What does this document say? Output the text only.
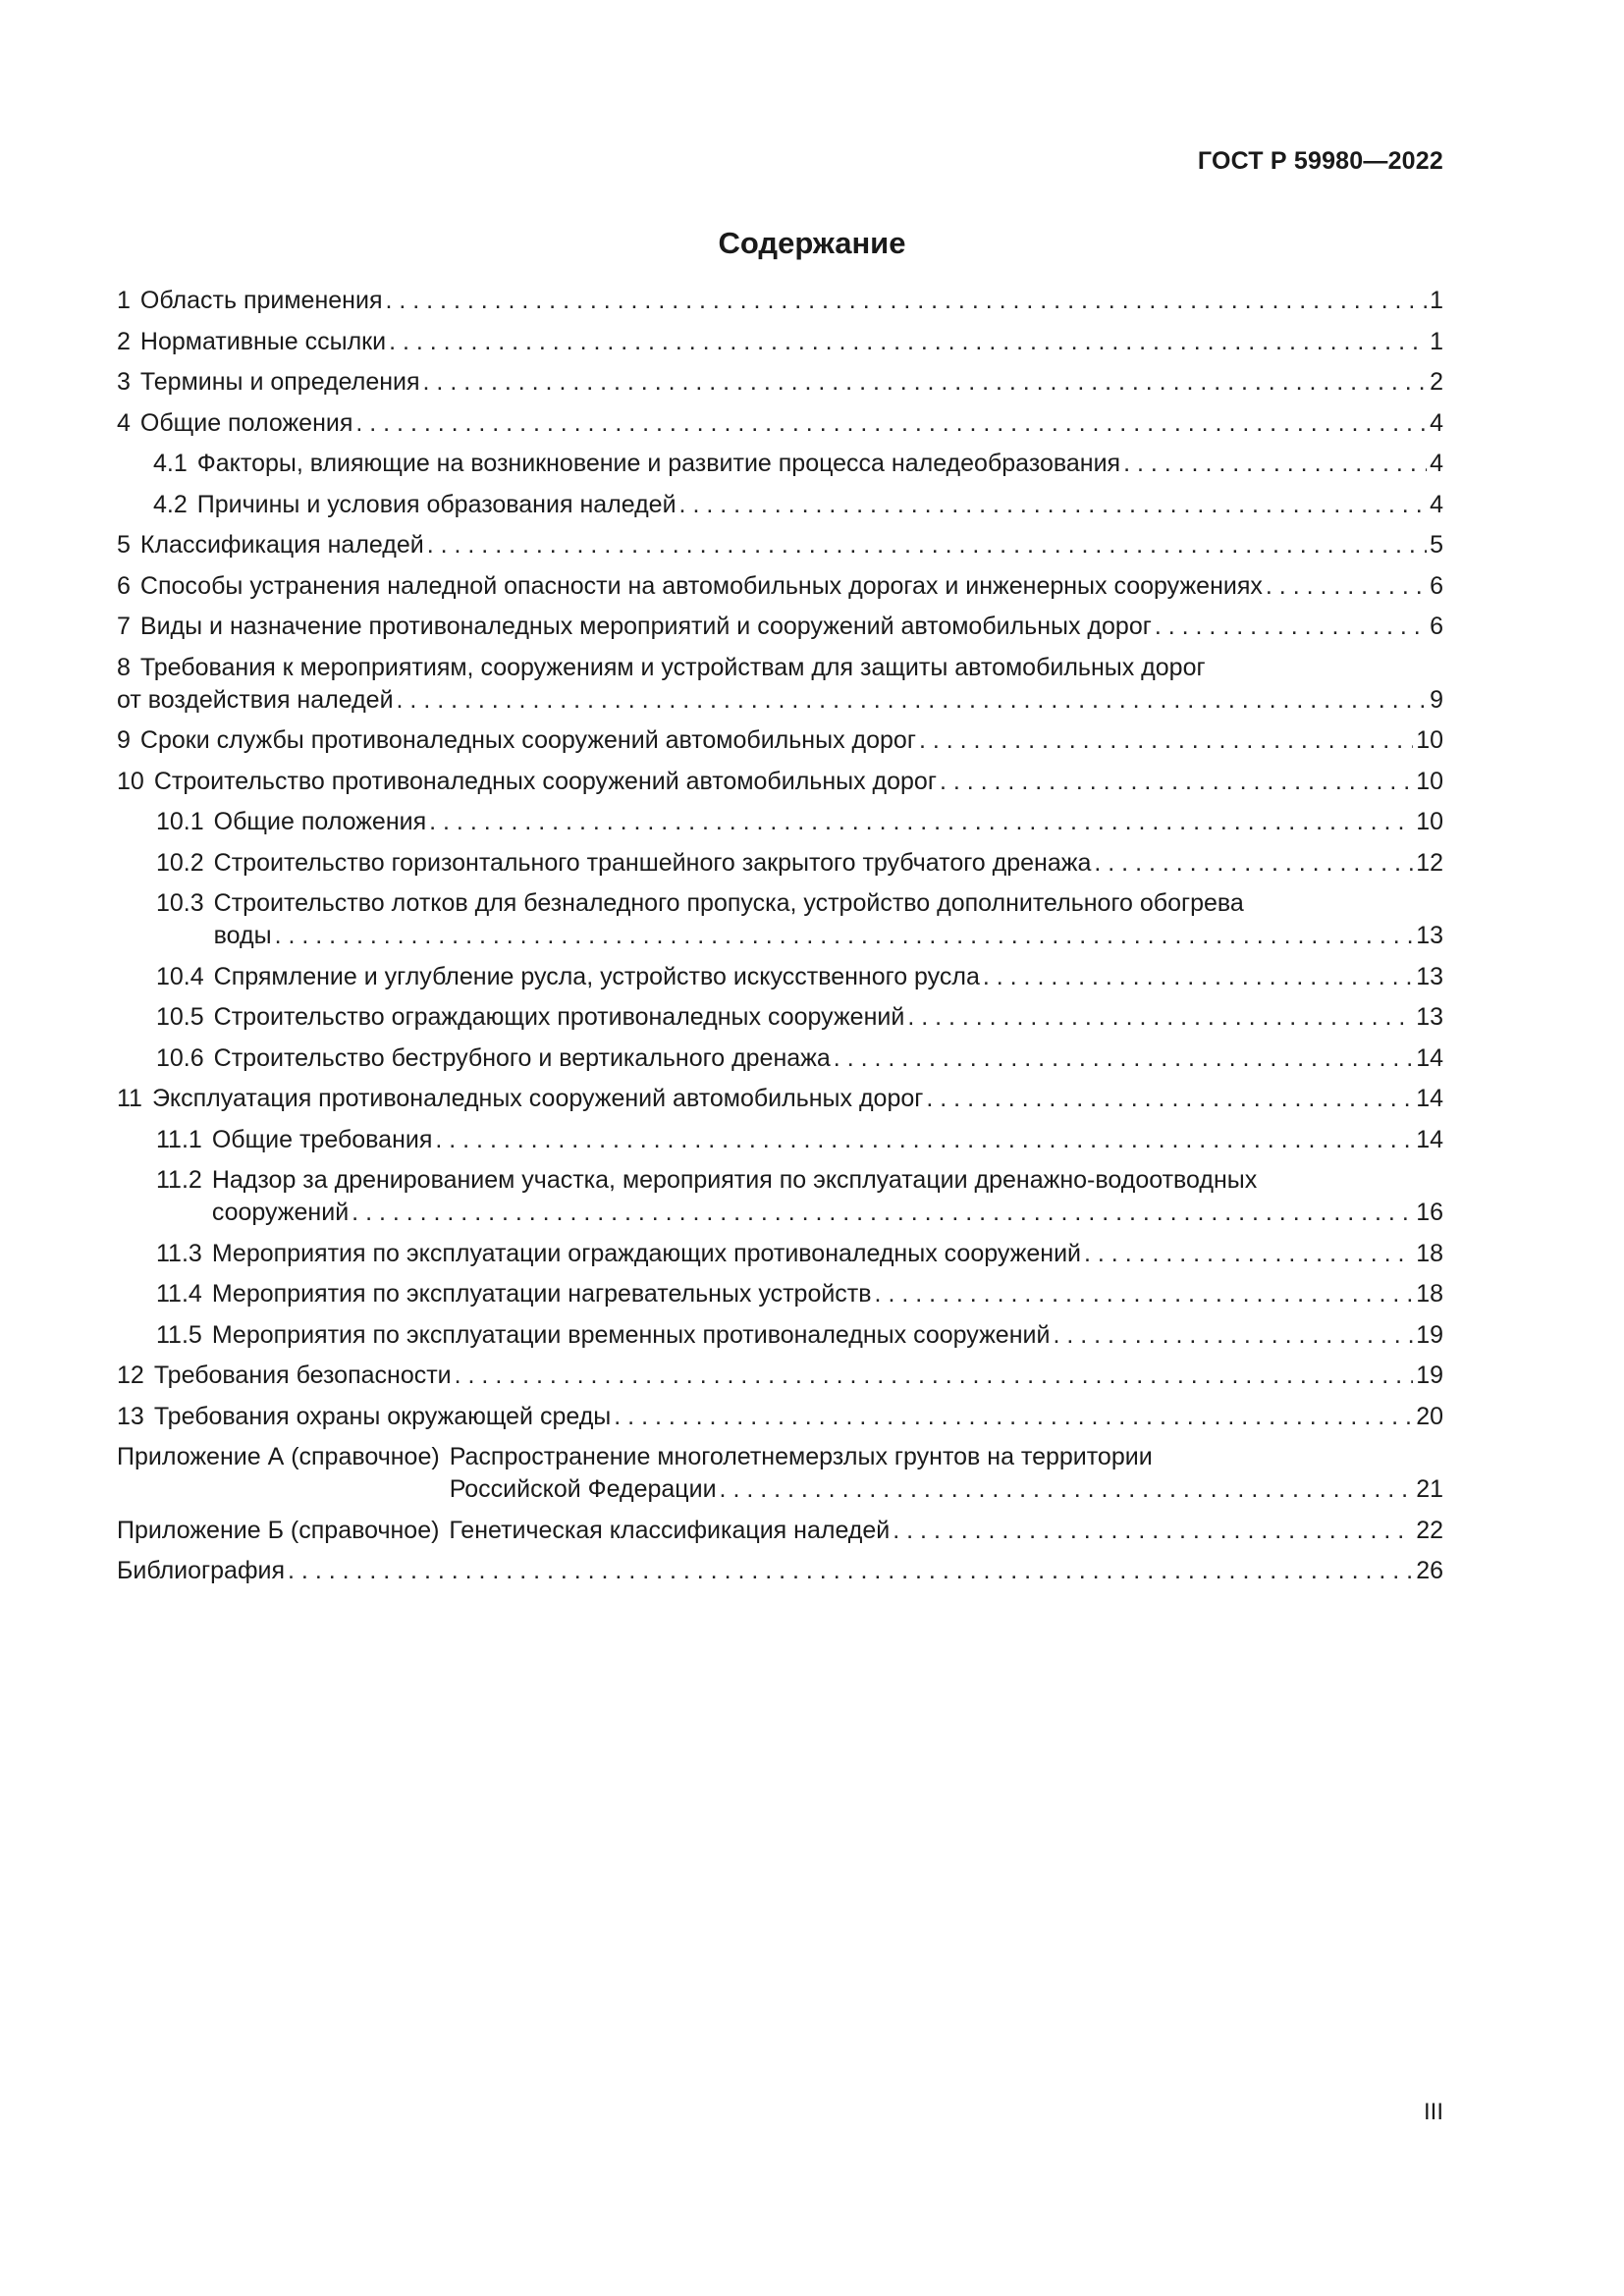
ГОСТ Р 59980—2022
Содержание
1 Область применения . . .	1
2 Нормативные ссылки . . .	1
3 Термины и определения . . .	2
4 Общие положения . . .	4
4.1 Факторы, влияющие на возникновение и развитие процесса наледеобразования . . .	4
4.2 Причины и условия образования наледей . . .	4
5 Классификация наледей . . .	5
6 Способы устранения наледной опасности на автомобильных дорогах и инженерных сооружениях . . .	6
7 Виды и назначение противоналедных мероприятий и сооружений автомобильных дорог . . .	6
8 Требования к мероприятиям, сооружениям и устройствам для защиты автомобильных дорог
от воздействия наледей . . .	9
9 Сроки службы противоналедных сооружений автомобильных дорог . . .	10
10 Строительство противоналедных сооружений автомобильных дорог . . .	10
10.1 Общие положения . . .	10
10.2 Строительство горизонтального траншейного закрытого трубчатого дренажа . . .	12
10.3 Строительство лотков для безналедного пропуска, устройство дополнительного обогрева
воды . . .	13
10.4 Спрямление и углубление русла, устройство искусственного русла . . .	13
10.5 Строительство ограждающих противоналедных сооружений . . .	13
10.6 Строительство беструбного и вертикального дренажа . . .	14
11 Эксплуатация противоналедных сооружений автомобильных дорог . . .	14
11.1 Общие требования . . .	14
11.2 Надзор за дренированием участка, мероприятия по эксплуатации дренажно-водоотводных
сооружений . . .	16
11.3 Мероприятия по эксплуатации ограждающих противоналедных сооружений . . .	18
11.4 Мероприятия по эксплуатации нагревательных устройств . . .	18
11.5 Мероприятия по эксплуатации временных противоналедных сооружений . . .	19
12 Требования безопасности . . .	19
13 Требования охраны окружающей среды . . .	20
Приложение А (справочное) Распространение многолетнемерзлых грунтов на территории
Российской Федерации . . .	21
Приложение Б (справочное) Генетическая классификация наледей . . .	22
Библиография . . .	26
III
